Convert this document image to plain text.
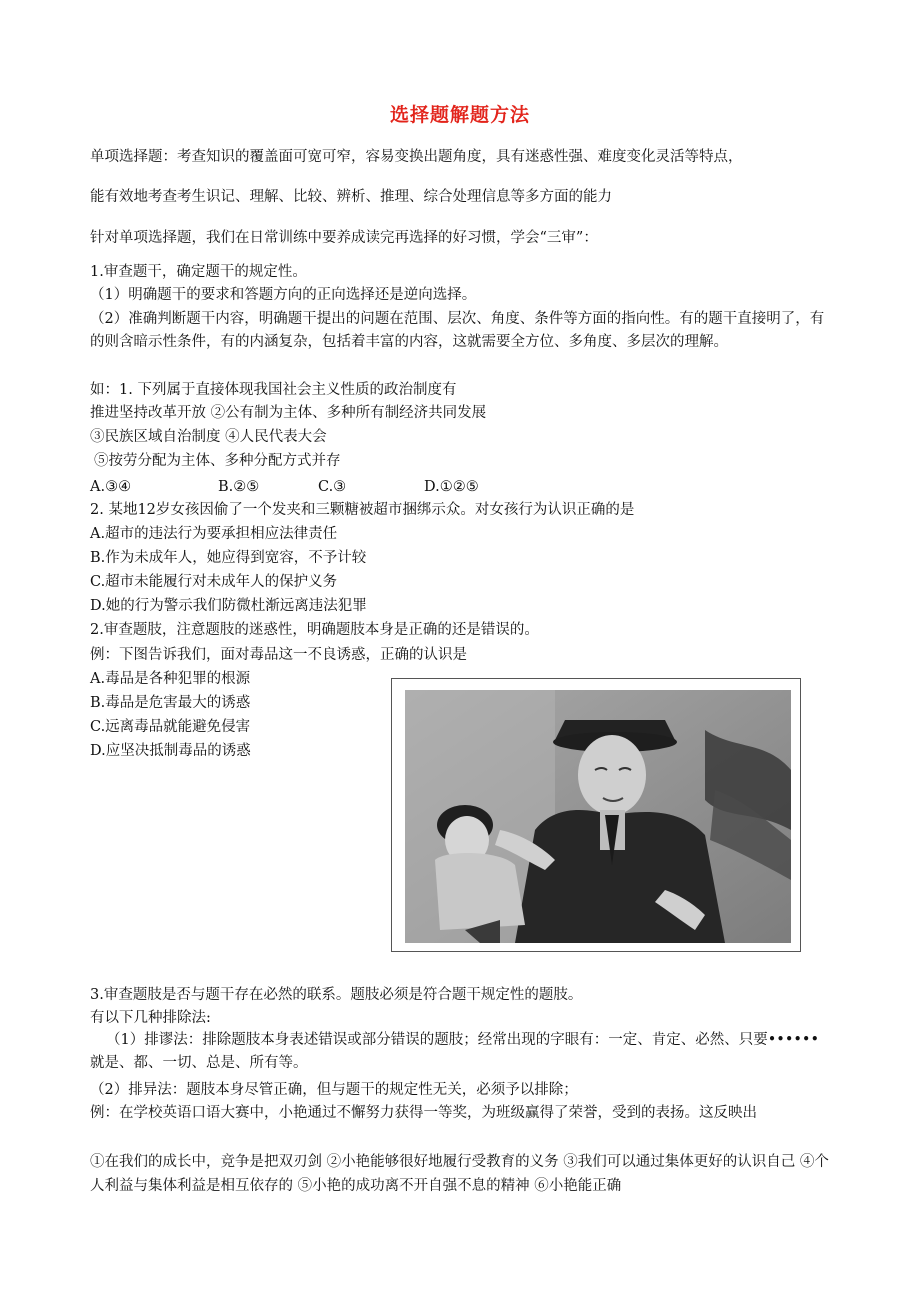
选择题解题方法
单项选择题：考查知识的覆盖面可宽可窄，容易变换出题角度，具有迷惑性强、难度变化灵活等特点，
能有效地考查考生识记、理解、比较、辨析、推理、综合处理信息等多方面的能力
针对单项选择题，我们在日常训练中要养成读完再选择的好习惯，学会“三审”：
1.审查题干，确定题干的规定性。
（1）明确题干的要求和答题方向的正向选择还是逆向选择。
（2）准确判断题干内容，明确题干提出的问题在范围、层次、角度、条件等方面的指向性。有的题干直接明了，有的则含暗示性条件，有的内涵复杂，包括着丰富的内容，这就需要全方位、多角度、多层次的理解。
如：1. 下列属于直接体现我国社会主义性质的政治制度有
推进坚持改革开放 ②公有制为主体、多种所有制经济共同发展
③民族区域自治制度 ④人民代表大会
⑤按劳分配为主体、多种分配方式并存
A.③④	B.②⑤	C.③	D.①②⑤
2. 某地12岁女孩因偷了一个发夹和三颗糖被超市捆绑示众。对女孩行为认识正确的是
A.超市的违法行为要承担相应法律责任
B.作为未成年人，她应得到宽容，不予计较
C.超市未能履行对未成年人的保护义务
D.她的行为警示我们防微杜渐远离违法犯罪
2.审查题肢，注意题肢的迷惑性，明确题肢本身是正确的还是错误的。
例：下图告诉我们，面对毒品这一不良诱惑，正确的认识是
A.毒品是各种犯罪的根源
B.毒品是危害最大的诱惑
C.远离毒品就能避免侵害
D.应坚决抵制毒品的诱惑
3.审查题肢是否与题干存在必然的联系。题肢必须是符合题干规定性的题肢。
有以下几种排除法:
（1）排谬法：排除题肢本身表述错误或部分错误的题肢；经常出现的字眼有：一定、肯定、必然、只要••••••就是、都、一切、总是、所有等。
（2）排异法：题肢本身尽管正确，但与题干的规定性无关，必须予以排除；
例：在学校英语口语大赛中，小艳通过不懈努力获得一等奖，为班级赢得了荣誉，受到的表扬。这反映出
①在我们的成长中，竞争是把双刃剑 ②小艳能够很好地履行受教育的义务 ③我们可以通过集体更好的认识自己 ④个人利益与集体利益是相互依存的 ⑤小艳的成功离不开自强不息的精神 ⑥小艳能正确
